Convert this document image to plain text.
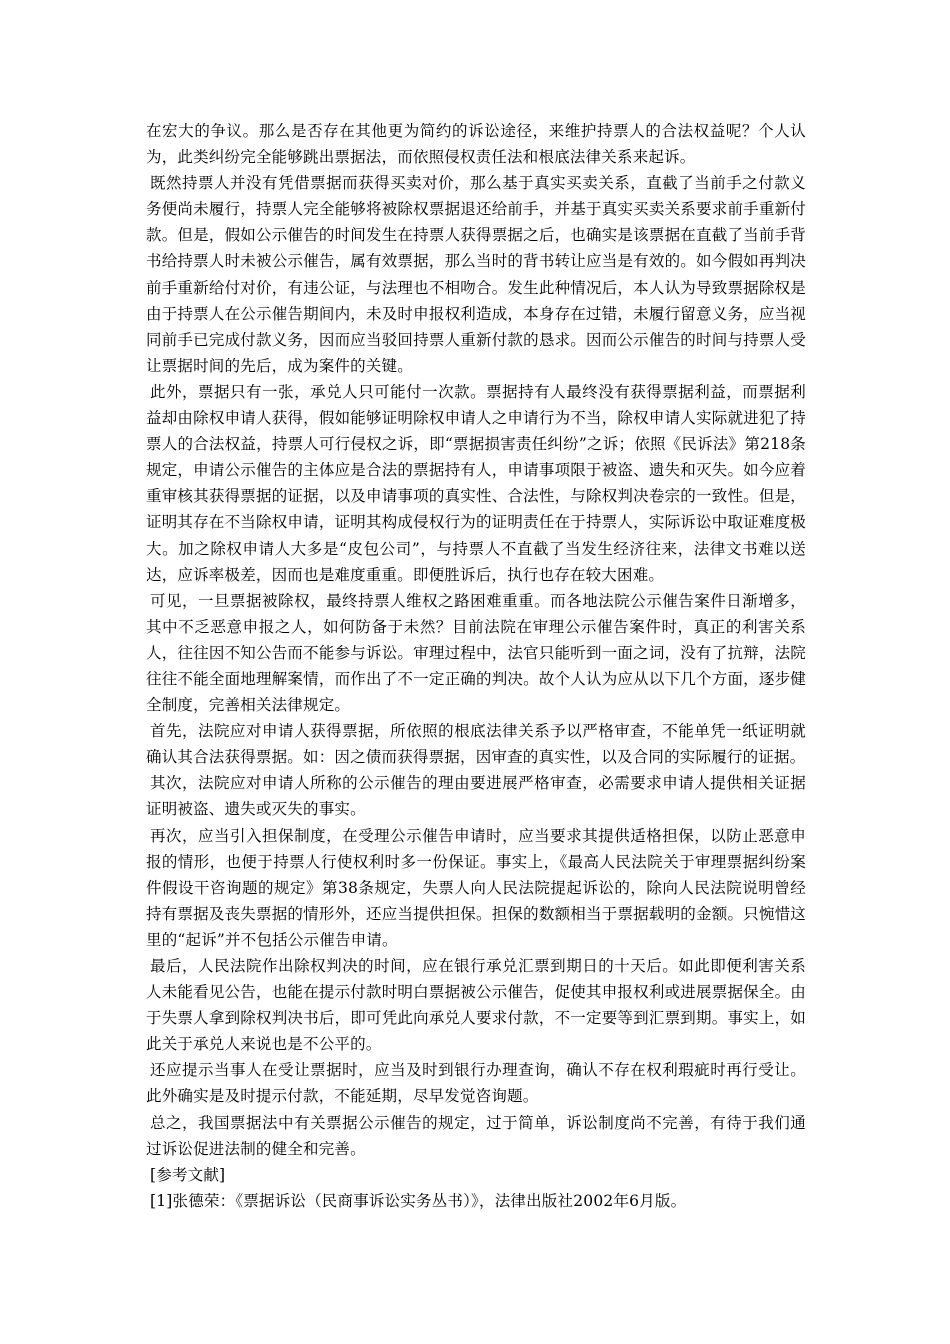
在宏大的争议。那么是否存在其他更为简约的诉讼途径，来维护持票人的合法权益呢？个人认为，此类纠纷完全能够跳出票据法，而依照侵权责任法和根底法律关系来起诉。

既然持票人并没有凭借票据而获得买卖对价，那么基于真实买卖关系，直截了当前手之付款义务便尚未履行，持票人完全能够将被除权票据退还给前手，并基于真实买卖关系要求前手重新付款。但是，假如公示催告的时间发生在持票人获得票据之后，也确实是该票据在直截了当前手背书给持票人时未被公示催告，属有效票据，那么当时的背书转让应当是有效的。如今假如再判决前手重新给付对价，有违公证，与法理也不相吻合。发生此种情况后，本人认为导致票据除权是由于持票人在公示催告期间内，未及时申报权利造成，本身存在过错，未履行留意义务，应当视同前手已完成付款义务，因而应当驳回持票人重新付款的恳求。因而公示催告的时间与持票人受让票据时间的先后，成为案件的关键。

此外，票据只有一张，承兑人只可能付一次款。票据持有人最终没有获得票据利益，而票据利益却由除权申请人获得，假如能够证明除权申请人之申请行为不当，除权申请人实际就进犯了持票人的合法权益，持票人可行侵权之诉，即“票据损害责任纠纷”之诉；依照《民诉法》第218条规定，申请公示催告的主体应是合法的票据持有人，申请事项限于被盗、遗失和灭失。如今应着重审核其获得票据的证据，以及申请事项的真实性、合法性，与除权判决卷宗的一致性。但是，证明其存在不当除权申请，证明其构成侵权行为的证明责任在于持票人，实际诉讼中取证难度极大。加之除权申请人大多是“皮包公司”，与持票人不直截了当发生经济往来，法律文书难以送达，应诉率极差，因而也是难度重重。即便胜诉后，执行也存在较大困难。

可见，一旦票据被除权，最终持票人维权之路困难重重。而各地法院公示催告案件日渐增多，其中不乏恶意申报之人，如何防备于未然？目前法院在审理公示催告案件时，真正的利害关系人，往往因不知公告而不能参与诉讼。审理过程中，法官只能听到一面之词，没有了抗辩，法院往往不能全面地理解案情，而作出了不一定正确的判决。故个人认为应从以下几个方面，逐步健全制度，完善相关法律规定。

首先，法院应对申请人获得票据，所依照的根底法律关系予以严格审查，不能单凭一纸证明就确认其合法获得票据。如：因之债而获得票据，因审查的真实性，以及合同的实际履行的证据。

其次，法院应对申请人所称的公示催告的理由要进展严格审查，必需要求申请人提供相关证据证明被盗、遗失或灭失的事实。

再次，应当引入担保制度，在受理公示催告申请时，应当要求其提供适格担保，以防止恶意申报的情形，也便于持票人行使权利时多一份保证。事实上，《最高人民法院关于审理票据纠纷案件假设干咨询题的规定》第38条规定，失票人向人民法院提起诉讼的，除向人民法院说明曾经持有票据及丧失票据的情形外，还应当提供担保。担保的数额相当于票据载明的金额。只惋惜这里的“起诉”并不包括公示催告申请。

最后，人民法院作出除权判决的时间，应在银行承兑汇票到期日的十天后。如此即便利害关系人未能看见公告，也能在提示付款时明白票据被公示催告，促使其申报权利或进展票据保全。由于失票人拿到除权判决书后，即可凭此向承兑人要求付款，不一定要等到汇票到期。事实上，如此关于承兑人来说也是不公平的。

还应提示当事人在受让票据时，应当及时到银行办理查询，确认不存在权利瑕疵时再行受让。此外确实是及时提示付款，不能延期，尽早发觉咨询题。

总之，我国票据法中有关票据公示催告的规定，过于简单，诉讼制度尚不完善，有待于我们通过诉讼促进法制的健全和完善。

[参考文献]

[1]张德荣：《票据诉讼（民商事诉讼实务丛书）》，法律出版社2002年6月版。
